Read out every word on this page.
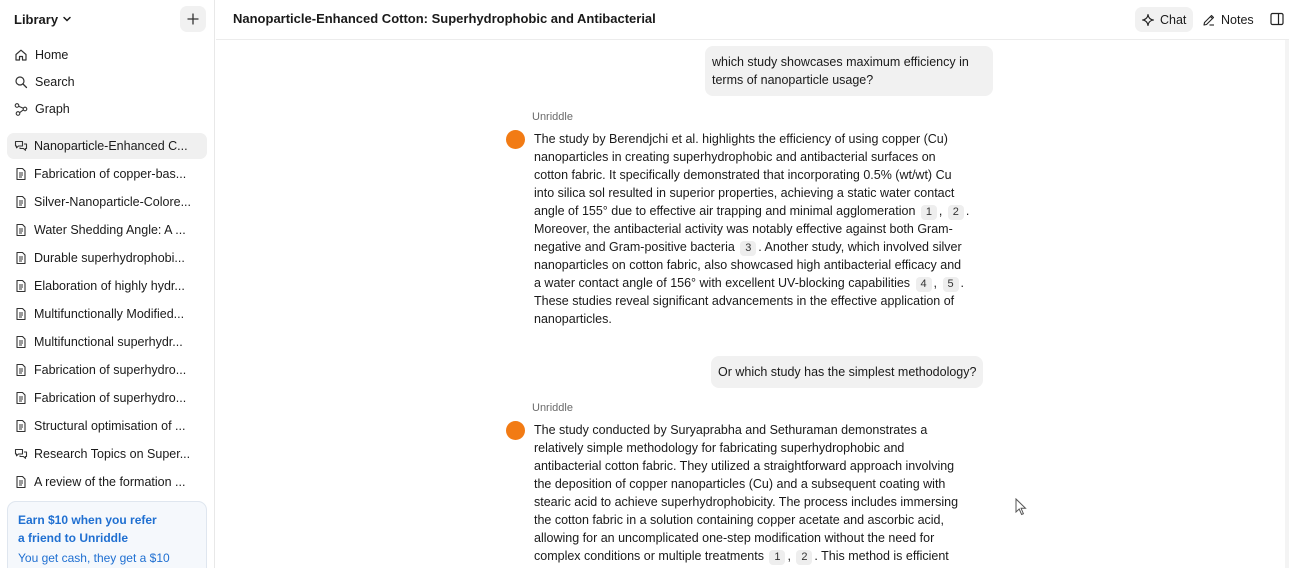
Library
Home
Search
Graph
Nanoparticle-Enhanced C...
Fabrication of copper-bas...
Silver-Nanoparticle-Colore...
Water Shedding Angle: A ...
Durable superhydrophobi...
Elaboration of highly hydr...
Multifunctionally Modified...
Multifunctional superhydr...
Fabrication of superhydro...
Fabrication of superhydro...
Structural optimisation of ...
Research Topics on Super...
A review of the formation ...
Earn $10 when you refer
a friend to Unriddle
You get cash, they get a $10
Nanoparticle-Enhanced Cotton: Superhydrophobic and Antibacterial	Chat	Notes
which study showcases maximum efficiency in
terms of nanoparticle usage?
Unriddle
The study by Berendjchi et al. highlights the efficiency of using copper (Cu)
nanoparticles in creating superhydrophobic and antibacterial surfaces on
cotton fabric. It specifically demonstrated that incorporating 0.5% (wt/wt) Cu
into silica sol resulted in superior properties, achieving a static water contact
angle of 155° due to effective air trapping and minimal agglomeration 1 , 2 .
Moreover, the antibacterial activity was notably effective against both Gram-
negative and Gram-positive bacteria 3 . Another study, which involved silver
nanoparticles on cotton fabric, also showcased high antibacterial efficacy and
a water contact angle of 156° with excellent UV-blocking capabilities 4 , 5 .
These studies reveal significant advancements in the effective application of
nanoparticles.
Or which study has the simplest methodology?
Unriddle
The study conducted by Suryaprabha and Sethuraman demonstrates a
relatively simple methodology for fabricating superhydrophobic and
antibacterial cotton fabric. They utilized a straightforward approach involving
the deposition of copper nanoparticles (Cu) and a subsequent coating with
stearic acid to achieve superhydrophobicity. The process includes immersing
the cotton fabric in a solution containing copper acetate and ascorbic acid,
allowing for an uncomplicated one-step modification without the need for
complex conditions or multiple treatments 1 , 2 . This method is efficient
